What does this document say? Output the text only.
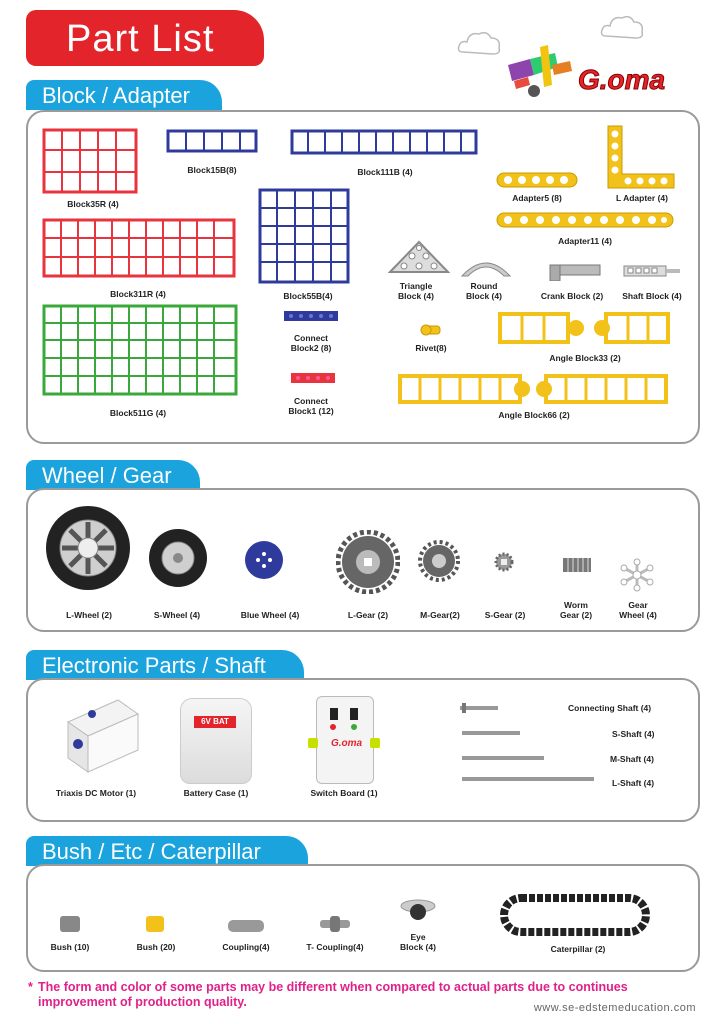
Part List
G.oma
Block / Adapter
Block35R (4)
Block15B(8)	Block111B (4)
Adapter5 (8)	L Adapter (4)
Adapter11 (4)
Block311R (4)	Block55B(4)
Triangle
Block (4)
Round
Block (4)	Crank Block (2)	Shaft Block (4)
Connect
Block2 (8)
Connect
Block1 (12)
Rivet(8)
Angle Block33 (2)
Block511G (4)	Angle Block66 (2)
Wheel / Gear
L-Wheel (2)	S-Wheel (4)	Blue Wheel (4)	L-Gear (2)	M-Gear(2)	S-Gear (2)
Worm
Gear (2)
Gear
Wheel (4)
Electronic Parts / Shaft
Triaxis DC Motor (1)
6V BAT
Battery Case (1)
G.oma
Switch Board (1)
Connecting Shaft (4)
S-Shaft (4)
M-Shaft (4)
L-Shaft (4)
Bush / Etc / Caterpillar
Bush (10)	Bush (20)	Coupling(4)	T- Coupling(4)
Eye
Block (4)	Caterpillar (2)
* The form and color of some parts may be different when compared to actual parts due to continues improvement of production quality.	www.se-edstemeducation.com
